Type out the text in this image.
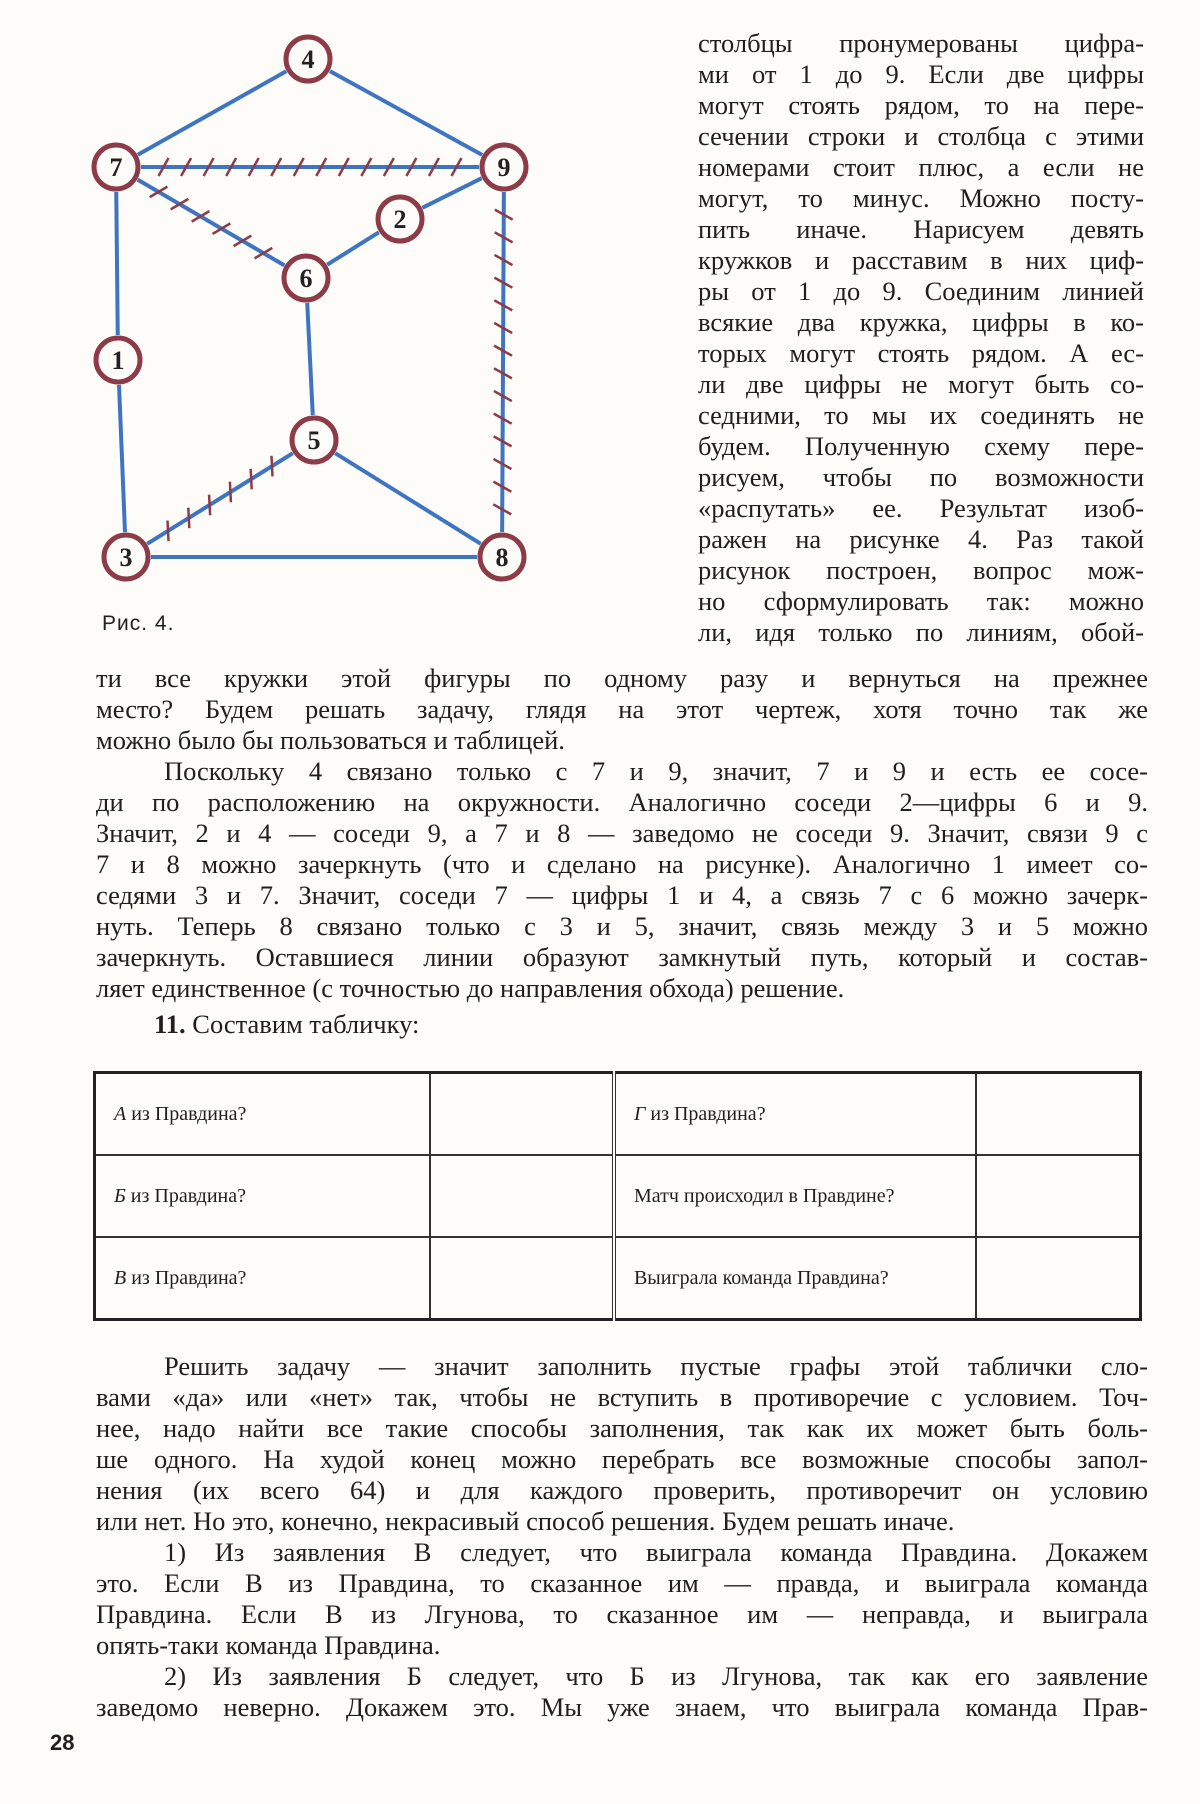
4
7	9
2
6
1
5
3	8
Рис. 4.
столбцы пронумерованы цифра-
ми от 1 до 9. Если две цифры
могут стоять рядом, то на пере-
сечении строки и столбца с этими
номерами стоит плюс, а если не
могут, то минус. Можно посту-
пить иначе. Нарисуем девять
кружков и расставим в них циф-
ры от 1 до 9. Соединим линией
всякие два кружка, цифры в ко-
торых могут стоять рядом. А ес-
ли две цифры не могут быть со-
седними, то мы их соединять не
будем. Полученную схему пере-
рисуем, чтобы по возможности
«распутать» ее. Результат изоб-
ражен на рисунке 4. Раз такой
рисунок построен, вопрос мож-
но сформулировать так: можно
ли, идя только по линиям, обой-
ти все кружки этой фигуры по одному разу и вернуться на прежнее
место? Будем решать задачу, глядя на этот чертеж, хотя точно так же
можно было бы пользоваться и таблицей.
Поскольку 4 связано только с 7 и 9, значит, 7 и 9 и есть ее сосе-
ди по расположению на окружности. Аналогично соседи 2—цифры 6 и 9.
Значит, 2 и 4 — соседи 9, а 7 и 8 — заведомо не соседи 9. Значит, связи 9 с
7 и 8 можно зачеркнуть (что и сделано на рисунке). Аналогично 1 имеет со-
седями 3 и 7. Значит, соседи 7 — цифры 1 и 4, а связь 7 с 6 можно зачерк-
нуть. Теперь 8 связано только с 3 и 5, значит, связь между 3 и 5 можно
зачеркнуть. Оставшиеся линии образуют замкнутый путь, который и состав-
ляет единственное (с точностью до направления обхода) решение.
11. Составим табличку:
А из Правдина?		Г из Правдина?	
Б из Правдина?		Матч происходил в Правдине?	
В из Правдина?		Выиграла команда Правдина?	
Решить задачу — значит заполнить пустые графы этой таблички сло-
вами «да» или «нет» так, чтобы не вступить в противоречие с условием. Точ-
нее, надо найти все такие способы заполнения, так как их может быть боль-
ше одного. На худой конец можно перебрать все возможные способы запол-
нения (их всего 64) и для каждого проверить, противоречит он условию
или нет. Но это, конечно, некрасивый способ решения. Будем решать иначе.
1) Из заявления В следует, что выиграла команда Правдина. Докажем
это. Если В из Правдина, то сказанное им — правда, и выиграла команда
Правдина. Если В из Лгунова, то сказанное им — неправда, и выиграла
опять-таки команда Правдина.
2) Из заявления Б следует, что Б из Лгунова, так как его заявление
заведомо неверно. Докажем это. Мы уже знаем, что выиграла команда Прав-
28
